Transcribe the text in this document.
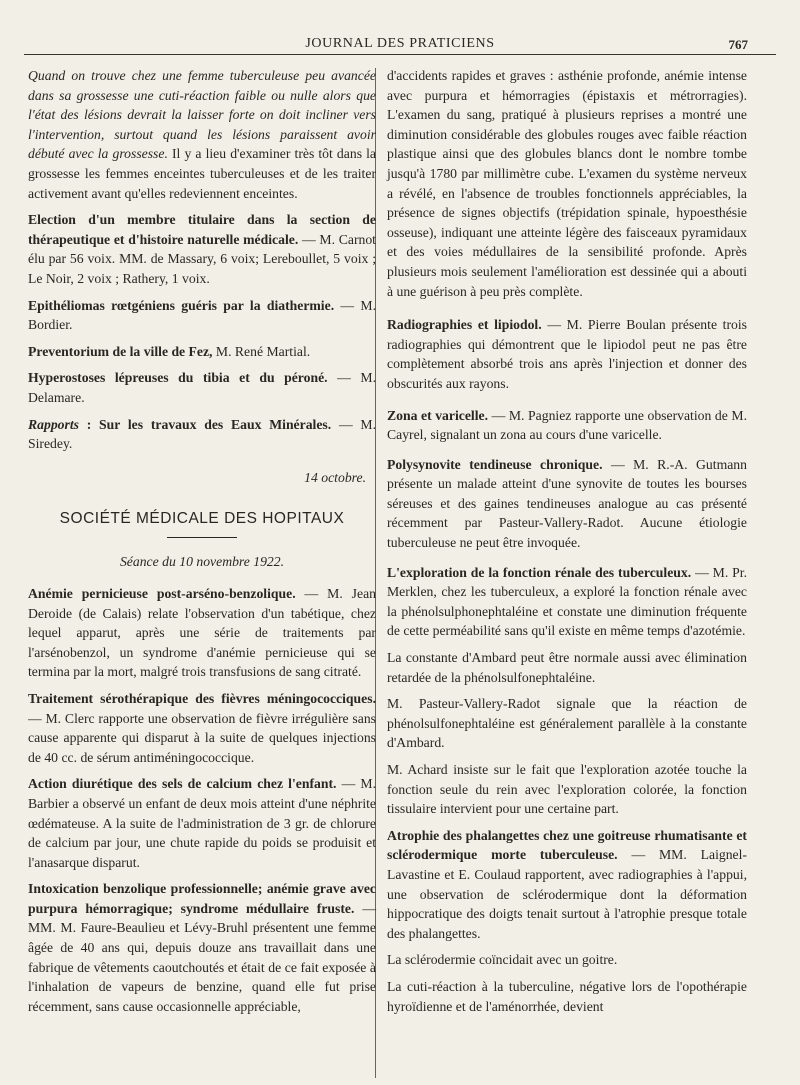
JOURNAL DES PRATICIENS	767

Quand on trouve chez une femme tuberculeuse peu avancée dans sa grossesse une cuti-réaction faible ou nulle alors que l'état des lésions devrait la laisser forte on doit incliner vers l'intervention, surtout quand les lésions paraissent avoir débuté avec la grossesse. Il y a lieu d'examiner très tôt dans la grossesse les femmes enceintes tuberculeuses et de les traiter activement avant qu'elles redeviennent enceintes.

Election d'un membre titulaire dans la section de thérapeutique et d'histoire naturelle médicale. — M. Carnot élu par 56 voix. MM. de Massary, 6 voix; Lereboullet, 5 voix ; Le Noir, 2 voix ; Rathery, 1 voix.

Epithéliomas rœtgéniens guéris par la diathermie. — M. Bordier.

Preventorium de la ville de Fez, M. René Martial.

Hyperostoses lépreuses du tibia et du péroné. — M. Delamare.

Rapports : Sur les travaux des Eaux Minérales. — M. Siredey.

14 octobre.
SOCIÉTÉ MÉDICALE DES HOPITAUX
Séance du 10 novembre 1922.

Anémie pernicieuse post-arséno-benzolique. — M. Jean Deroide (de Calais) relate l'observation d'un tabétique, chez lequel apparut, après une série de traitements par l'arsénobenzol, un syndrome d'anémie pernicieuse qui se termina par la mort, malgré trois transfusions de sang citraté.

Traitement sérothérapique des fièvres méningococciques. — M. Clerc rapporte une observation de fièvre irrégulière sans cause apparente qui disparut à la suite de quelques injections de 40 cc. de sérum antiméningococcique.

Action diurétique des sels de calcium chez l'enfant. — M. Barbier a observé un enfant de deux mois atteint d'une néphrite œdémateuse. A la suite de l'administration de 3 gr. de chlorure de calcium par jour, une chute rapide du poids se produisit et l'anasarque disparut.

Intoxication benzolique professionnelle; anémie grave avec purpura hémorragique; syndrome médullaire fruste. — MM. M. Faure-Beaulieu et Lévy-Bruhl présentent une femme âgée de 40 ans qui, depuis douze ans travaillait dans une fabrique de vêtements caoutchoutés et était de ce fait exposée à l'inhalation de vapeurs de benzine, quand elle fut prise récemment, sans cause occasionnelle appréciable,

d'accidents rapides et graves : asthénie profonde, anémie intense avec purpura et hémorragies (épistaxis et métrorragies). L'examen du sang, pratiqué à plusieurs reprises a montré une diminution considérable des globules rouges avec faible réaction plastique ainsi que des globules blancs dont le nombre tombe jusqu'à 1780 par millimètre cube. L'examen du système nerveux a révélé, en l'absence de troubles fonctionnels appréciables, la présence de signes objectifs (trépidation spinale, hypoesthésie osseuse), indiquant une atteinte légère des faisceaux pyramidaux et des voies médullaires de la sensibilité profonde. Après plusieurs mois seulement l'amélioration est dessinée qui a abouti à une guérison à peu près complète.

Radiographies et lipiodol. — M. Pierre Boulan présente trois radiographies qui démontrent que le lipiodol peut ne pas être complètement absorbé trois ans après l'injection et donner des obscurités aux rayons.

Zona et varicelle. — M. Pagniez rapporte une observation de M. Cayrel, signalant un zona au cours d'une varicelle.

Polysynovite tendineuse chronique. — M. R.-A. Gutmann présente un malade atteint d'une synovite de toutes les bourses séreuses et des gaines tendineuses analogue au cas présenté récemment par Pasteur-Vallery-Radot. Aucune étiologie tuberculeuse ne peut être invoquée.

L'exploration de la fonction rénale des tuberculeux. — M. Pr. Merklen, chez les tuberculeux, a exploré la fonction rénale avec la phénolsulphonephtaléine et constate une diminution fréquente de cette perméabilité sans qu'il existe en même temps d'azotémie.

La constante d'Ambard peut être normale aussi avec élimination retardée de la phénolsulfonephtaléine.

M. Pasteur-Vallery-Radot signale que la réaction de phénolsulfonephtaléine est généralement parallèle à la constante d'Ambard.

M. Achard insiste sur le fait que l'exploration azotée touche la fonction seule du rein avec l'exploration colorée, la fonction tissulaire intervient pour une certaine part.

Atrophie des phalangettes chez une goitreuse rhumatisante et sclérodermique morte tuberculeuse. — MM. Laignel-Lavastine et E. Coulaud rapportent, avec radiographies à l'appui, une observation de sclérodermique dont la déformation hippocratique des doigts tenait surtout à l'atrophie presque totale des phalangettes.

La sclérodermie coïncidait avec un goitre.

La cuti-réaction à la tuberculine, négative lors de l'opothérapie hyroïdienne et de l'aménorrhée, devient
